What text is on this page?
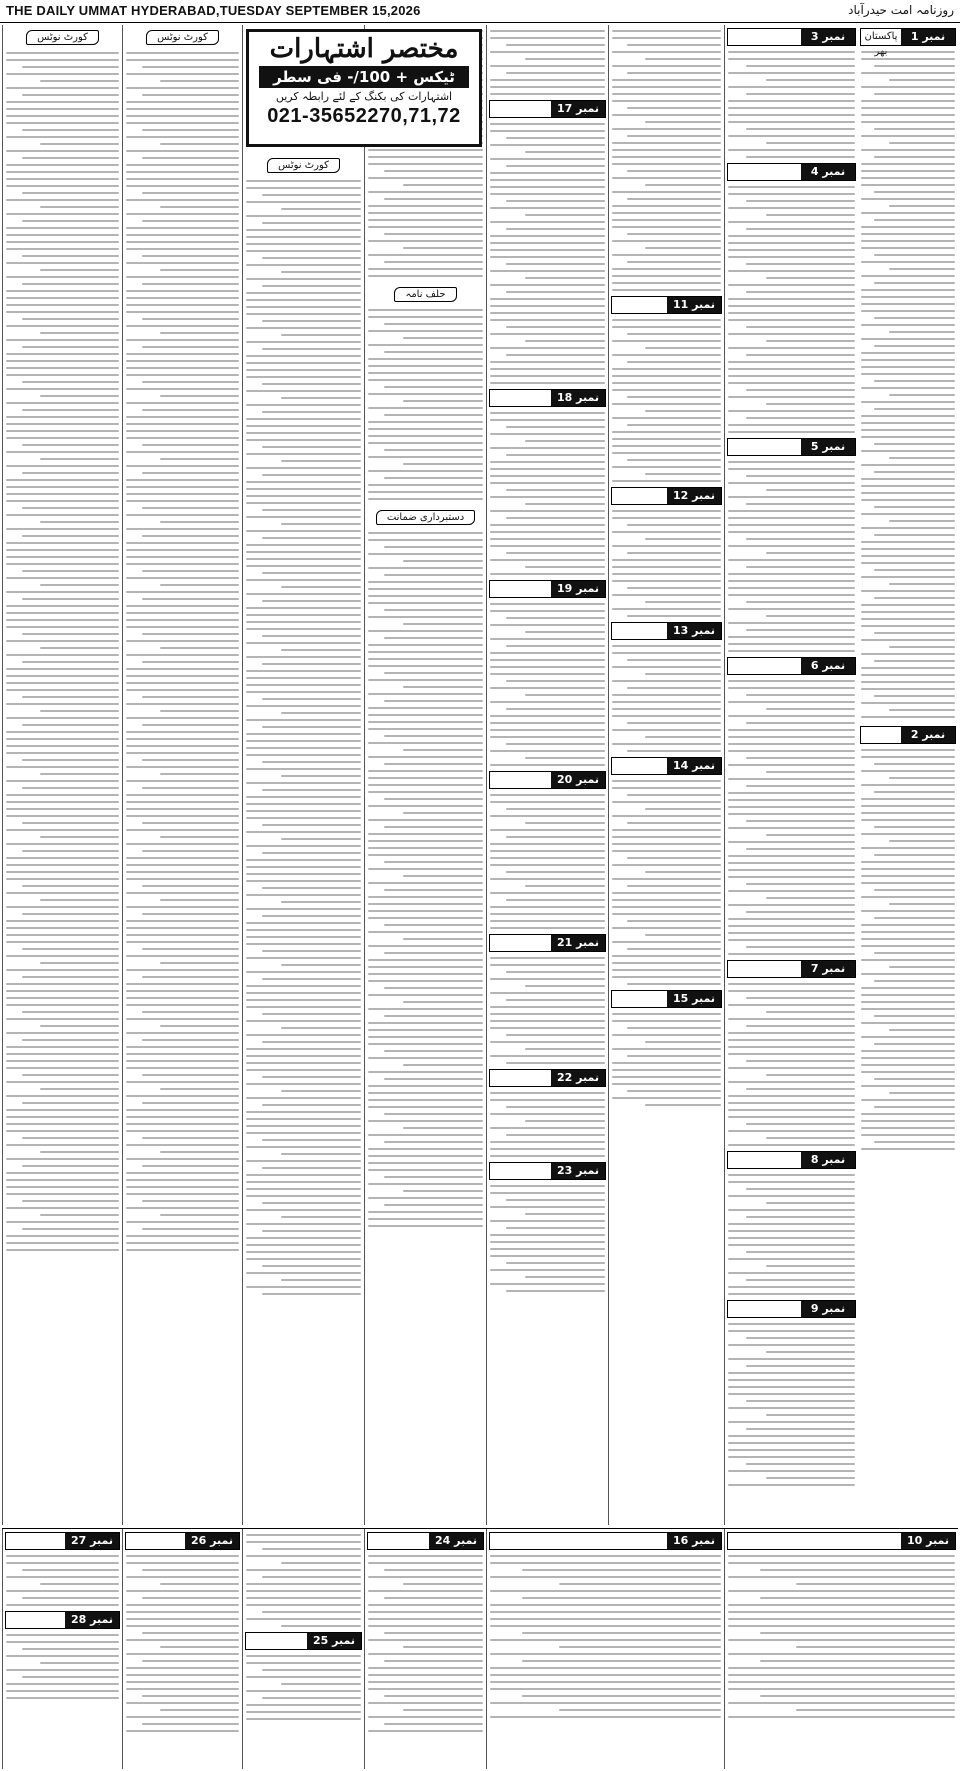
THE DAILY UMMAT HYDERABAD,TUESDAY SEPTEMBER 15,2026	روزنامہ امت حیدرآباد
پاکستان	نمبر 1
نمبر 2
نمبر 3
نمبر 4
نمبر 5
نمبر 6
نمبر 7
نمبر 8
نمبر 9
نمبر 11
نمبر 12
نمبر 13
نمبر 14
نمبر 15
نمبر 17
نمبر 18
نمبر 19
نمبر 20
نمبر 21
نمبر 22
نمبر 23
حلف نامہ
دستبرداری ضمانت
کورٹ نوٹس
کورٹ نوٹس
کورٹ نوٹس	مختصر اشتہارات
ٹیکس + 100/- فی سطر
اشتہارات کی بکنگ کے لئے رابطہ کریں
021-35652270,71,72
نمبر 10
نمبر 16
نمبر 24
نمبر 25
نمبر 26
نمبر 27
نمبر 28
